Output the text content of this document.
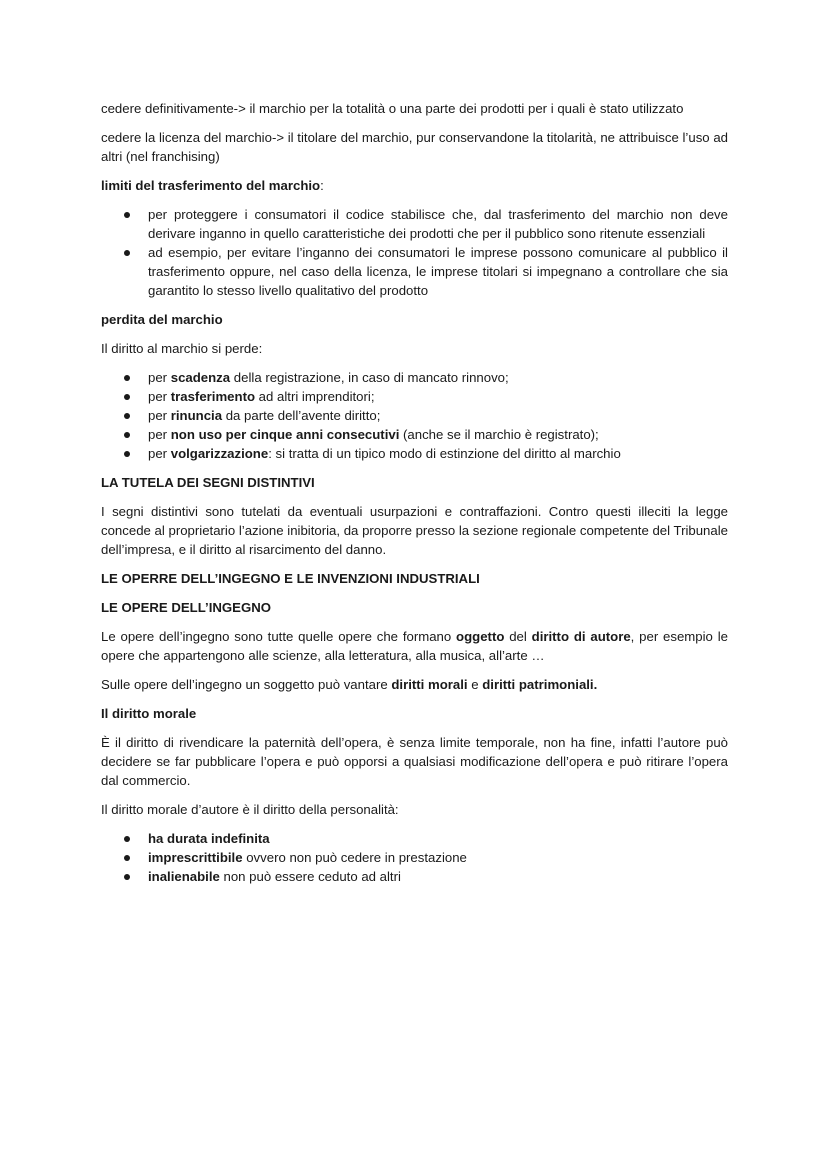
cedere definitivamente-> il marchio per la totalità o una parte dei prodotti per i quali è stato utilizzato

cedere la licenza del marchio-> il titolare del marchio, pur conservandone la titolarità, ne attribuisce l’uso ad altri (nel franchising)

limiti del trasferimento del marchio:

per proteggere i consumatori il codice stabilisce che, dal trasferimento del marchio non deve derivare inganno in quello caratteristiche dei prodotti che per il pubblico sono ritenute essenziali
ad esempio, per evitare l’inganno dei consumatori le imprese possono comunicare al pubblico il trasferimento oppure, nel caso della licenza, le imprese titolari si impegnano a controllare che sia garantito lo stesso livello qualitativo del prodotto

perdita del marchio

Il diritto al marchio si perde:

per scadenza della registrazione, in caso di mancato rinnovo;
per trasferimento ad altri imprenditori;
per rinuncia da parte dell’avente diritto;
per non uso per cinque anni consecutivi (anche se il marchio è registrato);
per volgarizzazione: si tratta di un tipico modo di estinzione del diritto al marchio

LA TUTELA DEI SEGNI DISTINTIVI

I segni distintivi sono tutelati da eventuali usurpazioni e contraffazioni. Contro questi illeciti la legge concede al proprietario l’azione inibitoria, da proporre presso la sezione regionale competente del Tribunale dell’impresa, e il diritto al risarcimento del danno.

LE OPERRE DELL’INGEGNO E LE INVENZIONI INDUSTRIALI

LE OPERE DELL’INGEGNO

Le opere dell’ingegno sono tutte quelle opere che formano oggetto del diritto di autore, per esempio le opere che appartengono alle scienze, alla letteratura, alla musica, all’arte …

Sulle opere dell’ingegno un soggetto può vantare diritti morali e diritti patrimoniali.

Il diritto morale

È il diritto di rivendicare la paternità dell’opera, è senza limite temporale, non ha fine, infatti l’autore può decidere se far pubblicare l’opera e può opporsi a qualsiasi modificazione dell’opera e può ritirare l’opera dal commercio.

Il diritto morale d’autore è il diritto della personalità:

ha durata indefinita
imprescrittibile ovvero non può cedere in prestazione
inalienabile non può essere ceduto ad altri
